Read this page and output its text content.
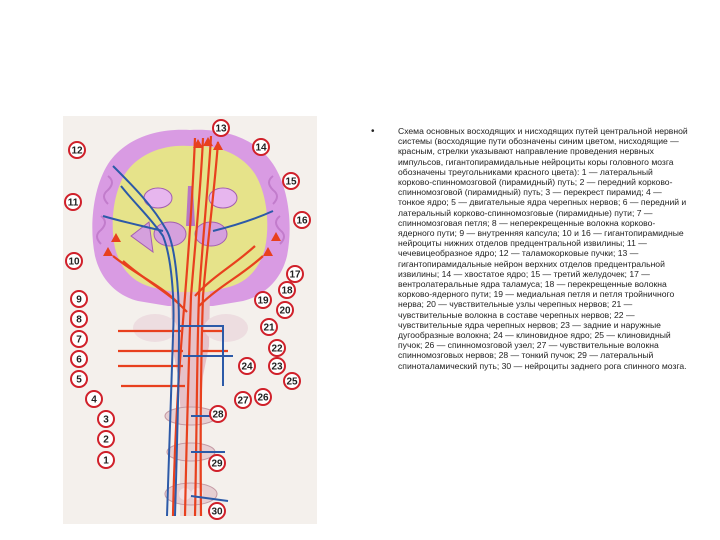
1
2
3
4
5
6
7
8
9
10
11
12
13
14
15
16
17
18
19
20
21
22
23
24
25
26
27
28
29
30
•	Схема основных восходящих и нисходящих путей центральной нервной системы (восходящие пути обозначены синим цветом, нисходящие — красным, стрелки указывают направление проведения нервных импульсов, гигантопирамидальные нейроциты коры головного мозга обозначены треугольниками красного цвета): 1 — латеральный корково-спинномозговой (пирамидный) путь; 2 — передний корково-спинномозговой (пирамидный) путь; 3 — перекрест пирамид; 4 — тонкое ядро; 5 — двигательные ядра черепных нервов; 6 — передний и латеральный корково-спинномозговые (пирамидные) пути; 7 — спинномозговая петля; 8 — неперекрещенные волокна корково-ядерного пути; 9 — внутренняя капсула; 10 и 16 — гигантопирамидные нейроциты нижних отделов предцентральной извилины; 11 — чечевицеобразное ядро; 12 — таламокорковые пучки; 13 — гигантопирамидальные нейрон верхних отделов предцентральной извилины; 14 — хвостатое ядро; 15 — третий желудочек; 17 — вентролатеральные ядра таламуса; 18 — перекрещенные волокна корково-ядерного пути; 19 — медиальная петля и петля тройничного нерва; 20 — чувствительные узлы черепных нервов; 21 — чувствительные волокна в составе черепных нервов; 22 — чувствительные ядра черепных нервов; 23 — задние и наружные дугообразные волокна; 24 — клиновидное ядро; 25 — клиновидный пучок; 26 — спинномозговой узел; 27 — чувствительные волокна спинномозговых нервов; 28 — тонкий пучок; 29 — латеральный спиноталамический путь; 30 — нейроциты заднего рога спинного мозга.
